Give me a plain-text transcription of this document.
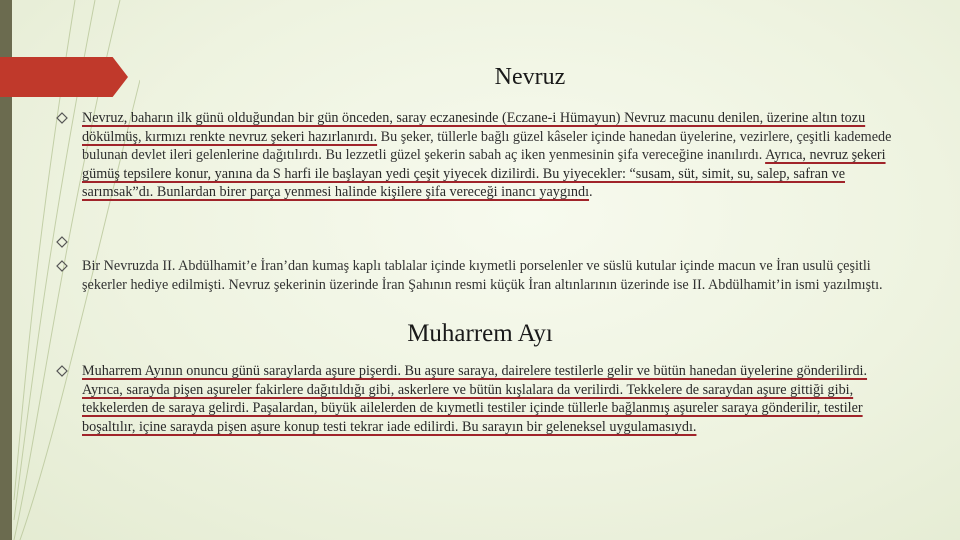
Nevruz
Nevruz, baharın ilk günü olduğundan bir gün önceden, saray eczanesinde (Eczane-i Hümayun) Nevruz macunu denilen, üzerine altın tozu dökülmüş, kırmızı renkte nevruz şekeri hazırlanırdı. Bu şeker, tüllerle bağlı güzel kâseler içinde hanedan üyelerine, vezirlere, çeşitli kademede bulunan devlet ileri gelenlerine dağıtılırdı. Bu lezzetli güzel şekerin sabah aç iken yenmesinin şifa vereceğine inanılırdı. Ayrıca, nevruz şekeri gümüş tepsilere konur, yanına da S harfi ile başlayan yedi çeşit yiyecek dizilirdi. Bu yiyecekler: “susam, süt, simit, su, salep, safran ve sarımsak”dı. Bunlardan birer parça yenmesi halinde kişilere şifa vereceği inancı yaygındı.
Bir Nevruzda II. Abdülhamit’e İran’dan kumaş kaplı tablalar içinde kıymetli porselenler ve süslü kutular içinde macun ve İran usulü çeşitli şekerler hediye edilmişti. Nevruz şekerinin üzerinde İran Şahının resmi küçük İran altınlarının üzerinde ise II. Abdülhamit’in ismi yazılmıştı.
Muharrem Ayı
Muharrem Ayının onuncu günü saraylarda aşure pişerdi. Bu aşure saraya, dairelere testilerle gelir ve bütün hanedan üyelerine gönderilirdi. Ayrıca, sarayda pişen aşureler fakirlere dağıtıldığı gibi, askerlere ve bütün kışlalara da verilirdi. Tekkelere de saraydan aşure gittiği gibi, tekkelerden de saraya gelirdi. Paşalardan, büyük ailelerden de kıymetli testiler içinde tüllerle bağlanmış aşureler saraya gönderilir, testiler boşaltılır, içine sarayda pişen aşure konup testi tekrar iade edilirdi. Bu sarayın bir geleneksel uygulamasıydı.
